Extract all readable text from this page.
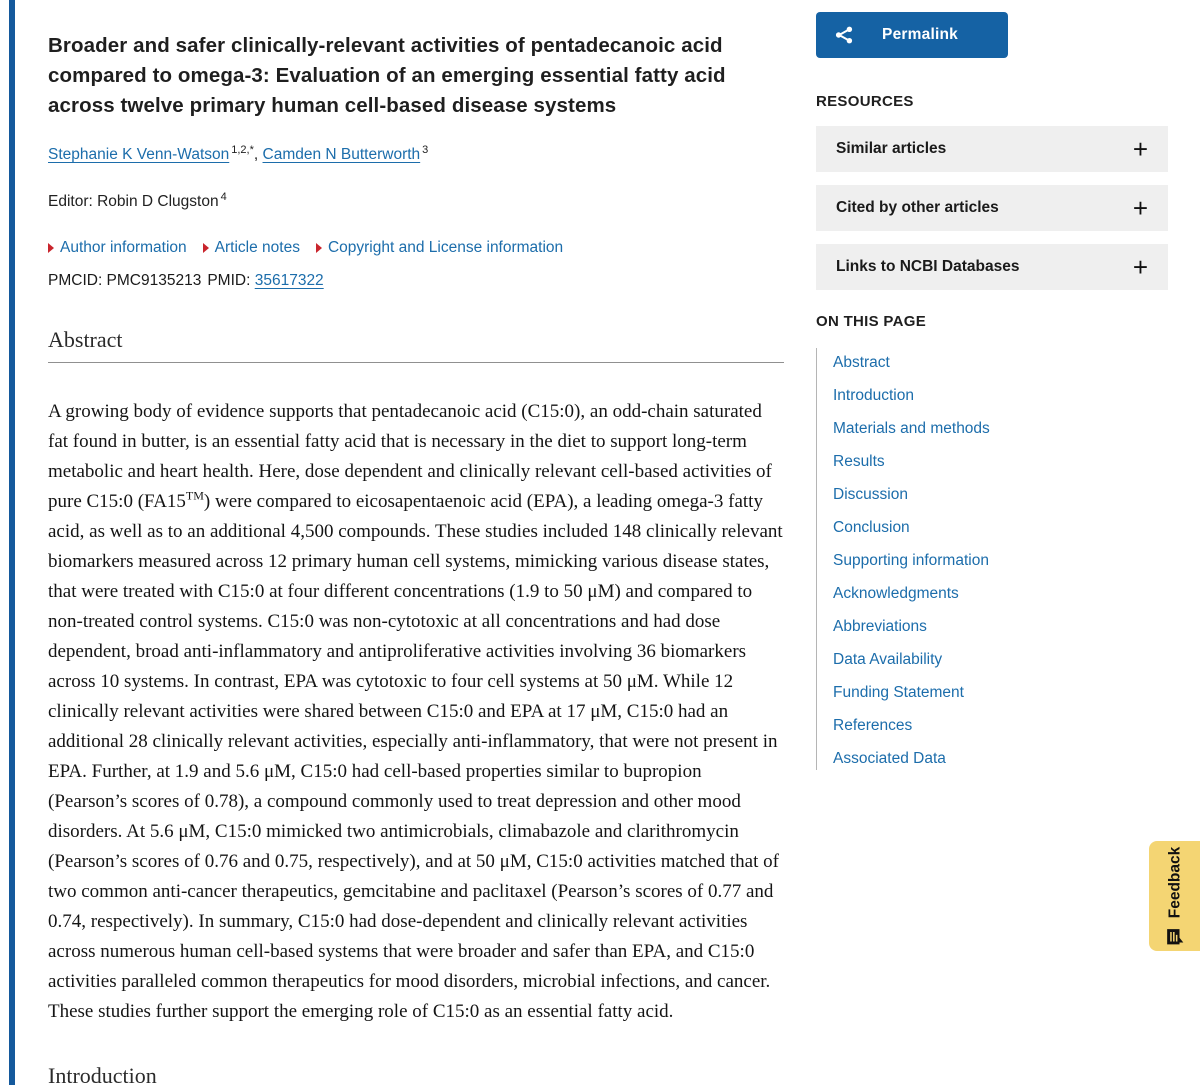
Broader and safer clinically-relevant activities of pentadecanoic acid compared to omega-3: Evaluation of an emerging essential fatty acid across twelve primary human cell-based disease systems
Stephanie K Venn-Watson $^{1,2,*}$, Camden N Butterworth $^3$
Editor: Robin D Clugston $^4$
Author information Article notes Copyright and License information
PMCID: PMC9135213 PMID: 35617322
Abstract

A growing body of evidence supports that pentadecanoic acid (C15:0), an odd-chain saturated fat found in butter, is an essential fatty acid that is necessary in the diet to support long-term metabolic and heart health. Here, dose dependent and clinically relevant cell-based activities of pure C15:0 (FA15™) were compared to eicosapentaenoic acid (EPA), a leading omega-3 fatty acid, as well as to an additional 4,500 compounds. These studies included 148 clinically relevant biomarkers measured across 12 primary human cell systems, mimicking various disease states, that were treated with C15:0 at four different concentrations (1.9 to 50 μM) and compared to non-treated control systems. C15:0 was non-cytotoxic at all concentrations and had dose dependent, broad anti-inflammatory and antiproliferative activities involving 36 biomarkers across 10 systems. In contrast, EPA was cytotoxic to four cell systems at 50 μM. While 12 clinically relevant activities were shared between C15:0 and EPA at 17 μM, C15:0 had an additional 28 clinically relevant activities, especially anti-inflammatory, that were not present in EPA. Further, at 1.9 and 5.6 μM, C15:0 had cell-based properties similar to bupropion (Pearson’s scores of 0.78), a compound commonly used to treat depression and other mood disorders. At 5.6 μM, C15:0 mimicked two antimicrobials, climabazole and clarithromycin (Pearson’s scores of 0.76 and 0.75, respectively), and at 50 μM, C15:0 activities matched that of two common anti-cancer therapeutics, gemcitabine and paclitaxel (Pearson’s scores of 0.77 and 0.74, respectively). In summary, C15:0 had dose-dependent and clinically relevant activities across numerous human cell-based systems that were broader and safer than EPA, and C15:0 activities paralleled common therapeutics for mood disorders, microbial infections, and cancer. These studies further support the emerging role of C15:0 as an essential fatty acid.

Introduction
Permalink
RESOURCES
Similar articles	+
Cited by other articles	+
Links to NCBI Databases	+
ON THIS PAGE
Abstract
Introduction
Materials and methods
Results
Discussion
Conclusion
Supporting information
Acknowledgments
Abbreviations
Data Availability
Funding Statement
References
Associated Data
Feedback
